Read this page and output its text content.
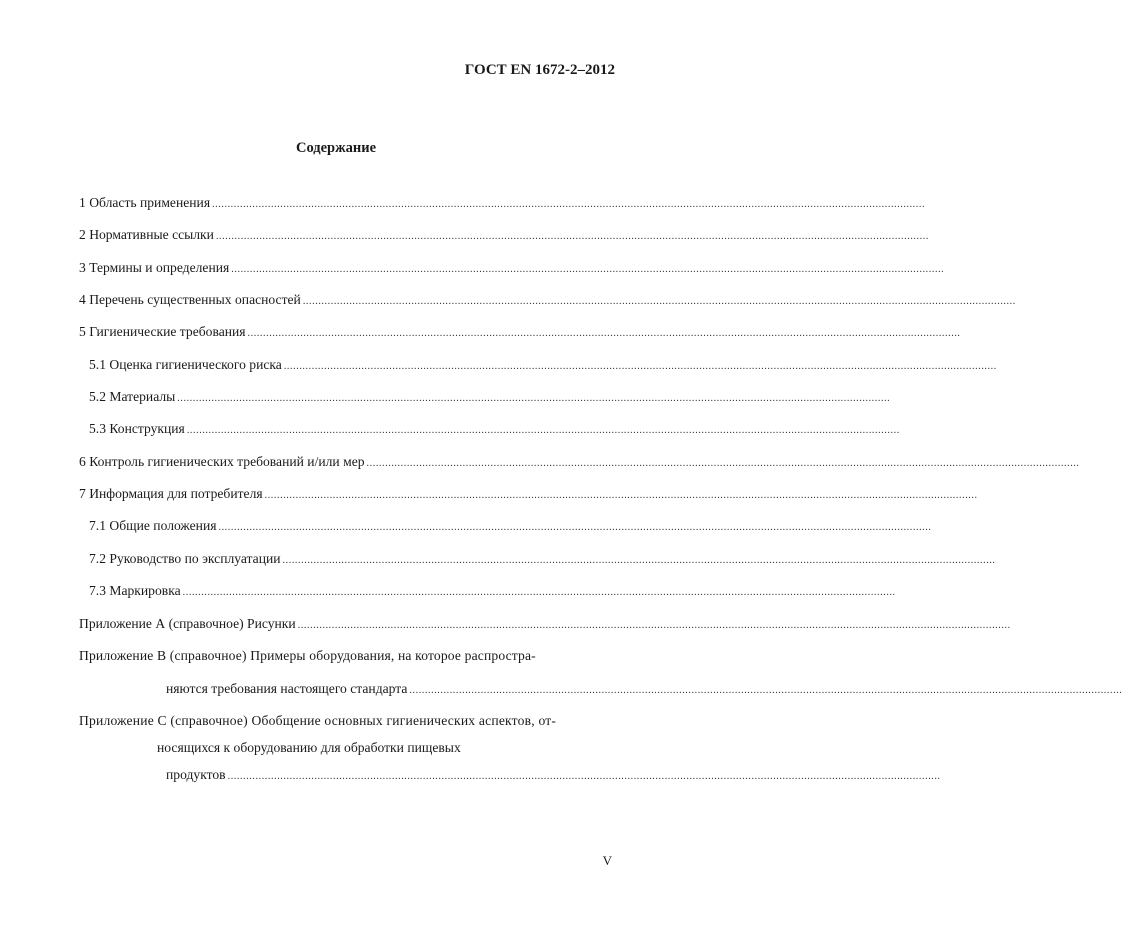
ГОСТ EN 1672-2–2012
Содержание
1 Область применения ......................................................................................................................................................................................................................................
2 Нормативные ссылки ......................................................................................................................................................................................................................................
3 Термины и определения ......................................................................................................................................................................................................................................
4 Перечень существенных опасностей ......................................................................................................................................................................................................................................
5 Гигиенические требования ......................................................................................................................................................................................................................................
5.1 Оценка гигиенического риска ......................................................................................................................................................................................................................................
5.2 Материалы ......................................................................................................................................................................................................................................
5.3 Конструкция ......................................................................................................................................................................................................................................
6 Контроль гигиенических требований и/или мер ......................................................................................................................................................................................................................................
7 Информация для потребителя ......................................................................................................................................................................................................................................
7.1 Общие положения ......................................................................................................................................................................................................................................
7.2 Руководство по эксплуатации ......................................................................................................................................................................................................................................
7.3 Маркировка ......................................................................................................................................................................................................................................
Приложение А (справочное) Рисунки ......................................................................................................................................................................................................................................
Приложение В (справочное) Примеры оборудования, на которое распростра-
няются требования настоящего стандарта ......................................................................................................................................................................................................................................
Приложение С (справочное) Обобщение основных гигиенических аспектов, от-
носящихся к оборудованию для обработки пищевых
продуктов ......................................................................................................................................................................................................................................
V
